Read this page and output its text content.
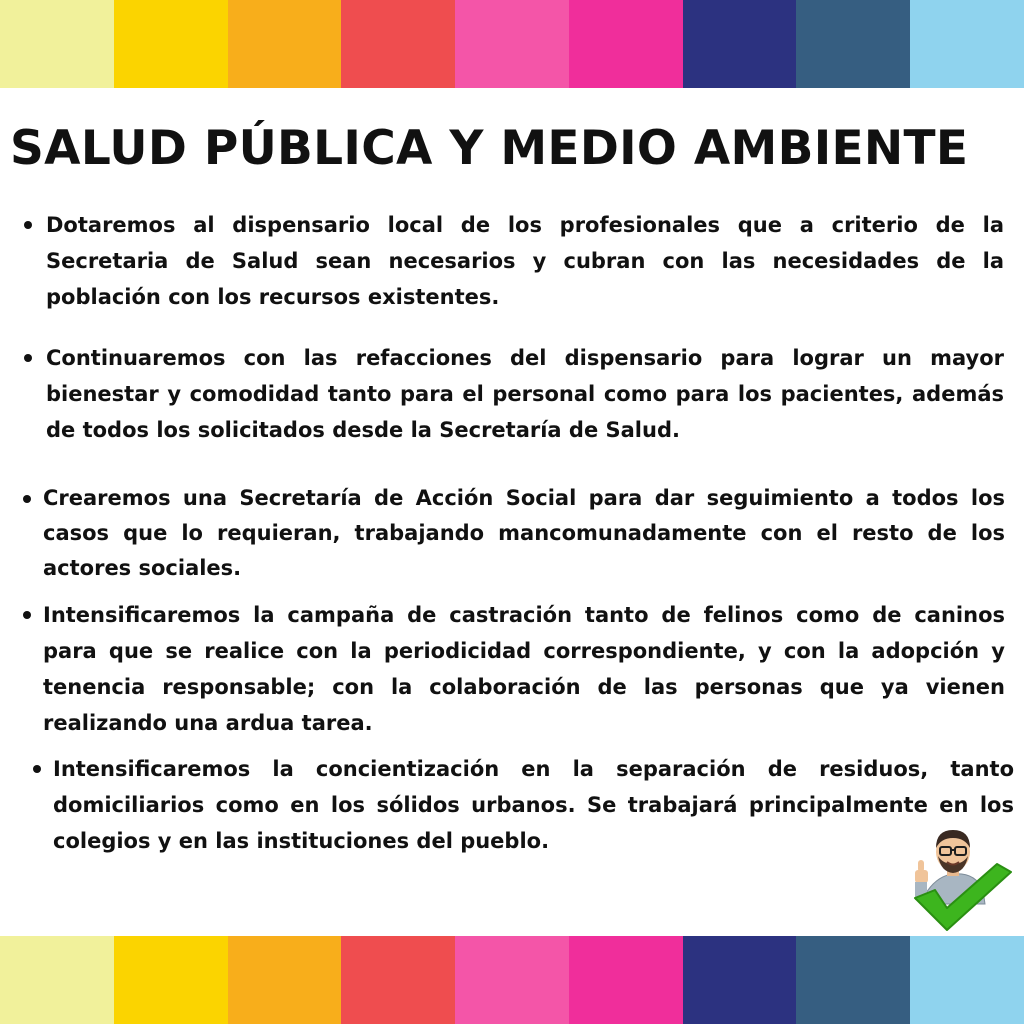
SALUD PÚBLICA Y MEDIO AMBIENTE
Dotaremos al dispensario local de los profesionales que a criterio de la Secretaria de Salud sean necesarios y cubran con las necesidades de la población con los recursos existentes.
Continuaremos con las refacciones del dispensario para lograr un mayor bienestar y comodidad tanto para el personal como para los pacientes, además de todos los solicitados desde la Secretaría de Salud.
Crearemos una Secretaría de Acción Social para dar seguimiento a todos los casos que lo requieran, trabajando mancomunadamente con el resto de los actores sociales.
Intensificaremos la campaña de castración tanto de felinos como de caninos para que se realice con la periodicidad correspondiente, y con la adopción y tenencia responsable; con la colaboración de las personas que ya vienen realizando una ardua tarea.
Intensificaremos la concientización en la separación de residuos, tanto domiciliarios como en los sólidos urbanos. Se trabajará principalmente en los colegios y en las instituciones del pueblo.
